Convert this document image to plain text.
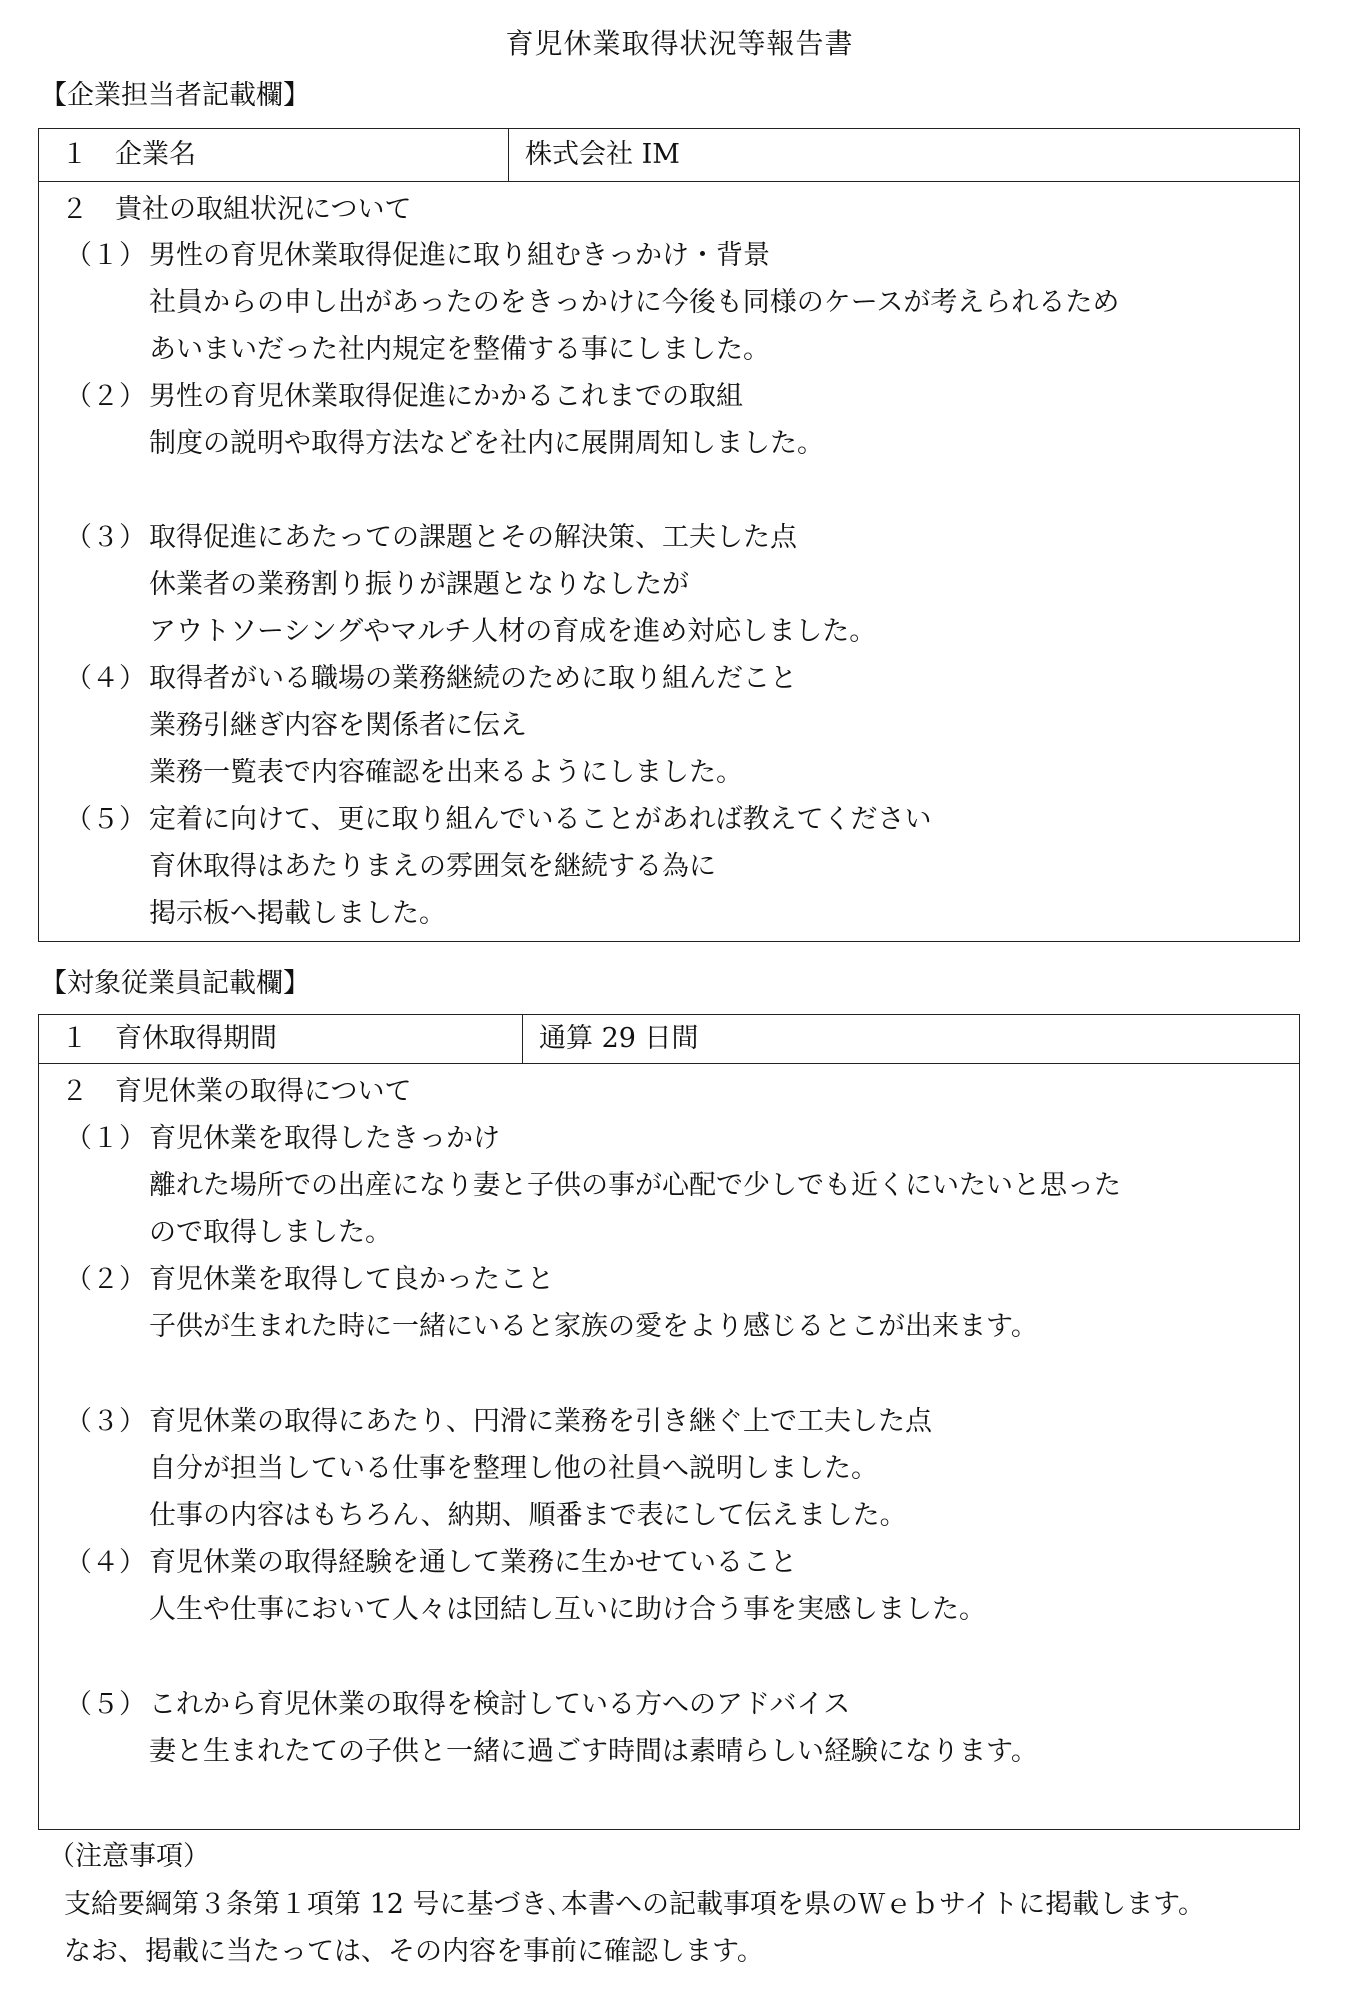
育児休業取得状況等報告書
【企業担当者記載欄】
１　企業名	株式会社 IM
２　貴社の取組状況について
（１） 男性の育児休業取得促進に取り組むきっかけ・背景
社員からの申し出があったのをきっかけに今後も同様のケースが考えられるため
あいまいだった社内規定を整備する事にしました。
（２） 男性の育児休業取得促進にかかるこれまでの取組
制度の説明や取得方法などを社内に展開周知しました。
（３） 取得促進にあたっての課題とその解決策、工夫した点
休業者の業務割り振りが課題となりなしたが
アウトソーシングやマルチ人材の育成を進め対応しました。
（４） 取得者がいる職場の業務継続のために取り組んだこと
業務引継ぎ内容を関係者に伝え
業務一覧表で内容確認を出来るようにしました。
（５） 定着に向けて、更に取り組んでいることがあれば教えてください
育休取得はあたりまえの雰囲気を継続する為に
掲示板へ掲載しました。
【対象従業員記載欄】
１　育休取得期間	通算 29 日間
２　育児休業の取得について
（１） 育児休業を取得したきっかけ
離れた場所での出産になり妻と子供の事が心配で少しでも近くにいたいと思った
ので取得しました。
（２） 育児休業を取得して良かったこと
子供が生まれた時に一緒にいると家族の愛をより感じるとこが出来ます。
（３） 育児休業の取得にあたり、円滑に業務を引き継ぐ上で工夫した点
自分が担当している仕事を整理し他の社員へ説明しました。
仕事の内容はもちろん、納期、順番まで表にして伝えました。
（４） 育児休業の取得経験を通して業務に生かせていること
人生や仕事において人々は団結し互いに助け合う事を実感しました。
（５） これから育児休業の取得を検討している方へのアドバイス
妻と生まれたての子供と一緒に過ごす時間は素晴らしい経験になります。
（注意事項）
支給要綱第３条第１項第 12 号に基づき､本書への記載事項を県のＷｅｂサイトに掲載します。
なお、掲載に当たっては、その内容を事前に確認します。
